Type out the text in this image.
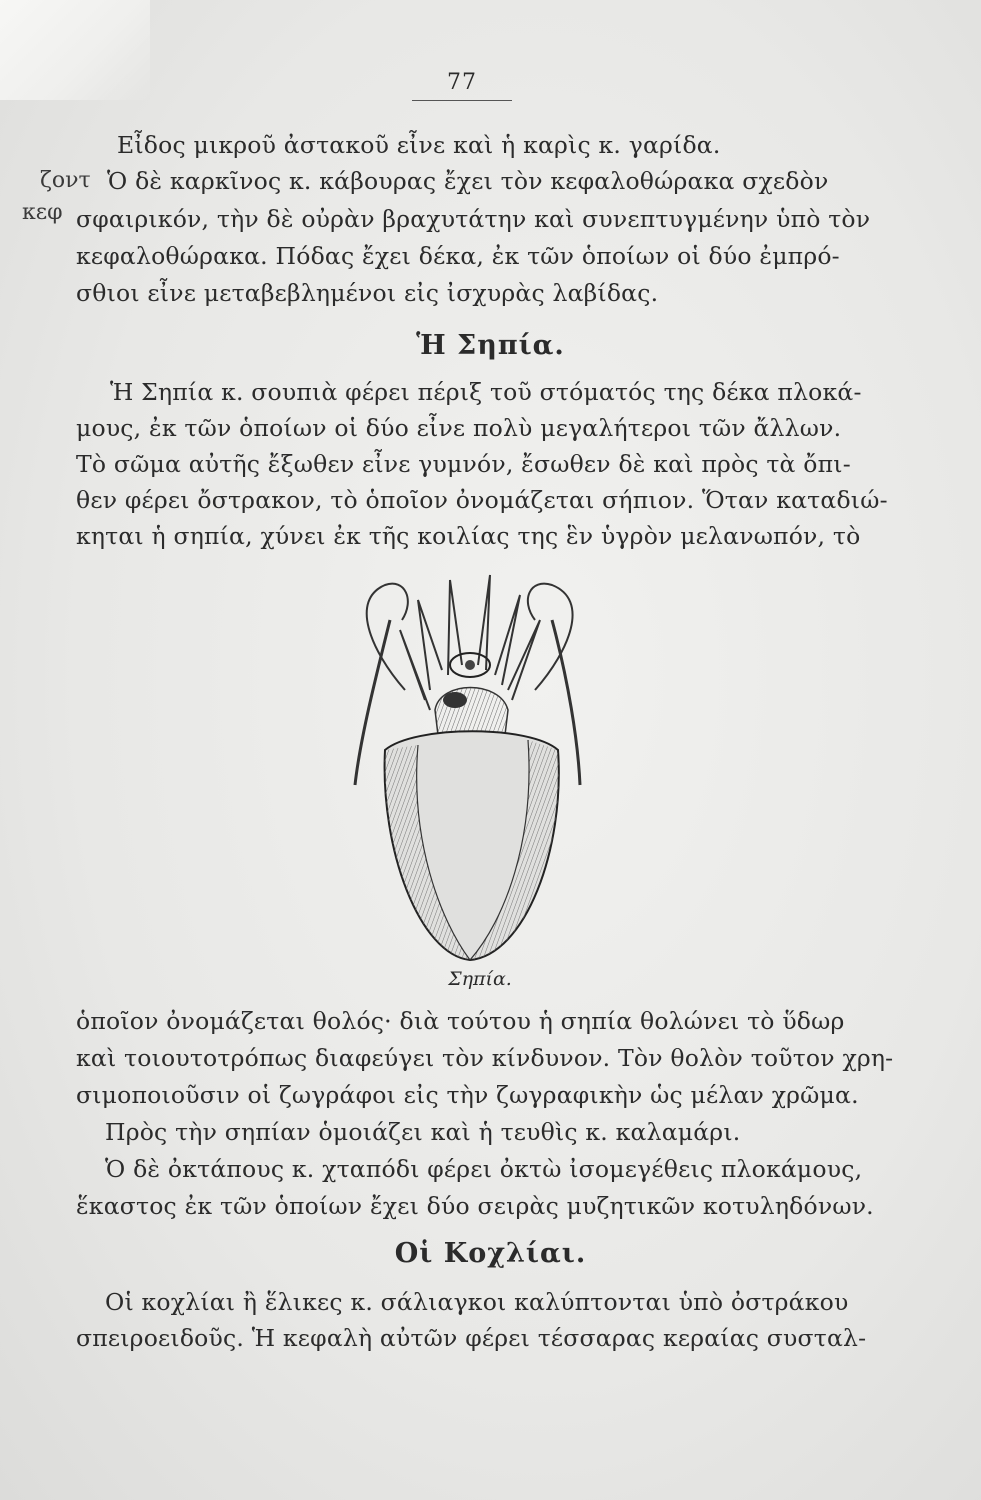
77
ζοντ
κεφ
Εἶδος μικροῦ ἀστακοῦ εἶνε καὶ ἡ καρὶς κ. γαρίδα.
Ὁ δὲ καρκῖνος κ. κάβουρας ἔχει τὸν κεφαλοθώρακα σχεδὸν
σφαιρικόν, τὴν δὲ οὐρὰν βραχυτάτην καὶ συνεπτυγμένην ὑπὸ τὸν
κεφαλοθώρακα. Πόδας ἔχει δέκα, ἐκ τῶν ὁποίων οἱ δύο ἐμπρό-
σθιοι εἶνε μεταβεβλημένοι εἰς ἰσχυρὰς λαβίδας.
Ἡ Σηπία.
Ἡ Σηπία κ. σουπιὰ φέρει πέριξ τοῦ στόματός της δέκα πλοκά-
μους, ἐκ τῶν ὁποίων οἱ δύο εἶνε πολὺ μεγαλήτεροι τῶν ἄλλων.
Τὸ σῶμα αὐτῆς ἔξωθεν εἶνε γυμνόν, ἔσωθεν δὲ καὶ πρὸς τὰ ὄπι-
θεν φέρει ὄστρακον, τὸ ὁποῖον ὀνομάζεται σήπιον. Ὅταν καταδιώ-
κηται ἡ σηπία, χύνει ἐκ τῆς κοιλίας της ἓν ὑγρὸν μελανωπόν, τὸ
Σηπία.
ὁποῖον ὀνομάζεται θολός· διὰ τούτου ἡ σηπία θολώνει τὸ ὕδωρ
καὶ τοιουτοτρόπως διαφεύγει τὸν κίνδυνον. Τὸν θολὸν τοῦτον χρη-
σιμοποιοῦσιν οἱ ζωγράφοι εἰς τὴν ζωγραφικὴν ὡς μέλαν χρῶμα.
Πρὸς τὴν σηπίαν ὁμοιάζει καὶ ἡ τευθὶς κ. καλαμάρι.
Ὁ δὲ ὀκτάπους κ. χταπόδι φέρει ὀκτὼ ἰσομεγέθεις πλοκάμους,
ἕκαστος ἐκ τῶν ὁποίων ἔχει δύο σειρὰς μυζητικῶν κοτυληδόνων.
Οἱ Κοχλίαι.
Οἱ κοχλίαι ἢ ἕλικες κ. σάλιαγκοι καλύπτονται ὑπὸ ὀστράκου
σπειροειδοῦς. Ἡ κεφαλὴ αὐτῶν φέρει τέσσαρας κεραίας συσταλ-
